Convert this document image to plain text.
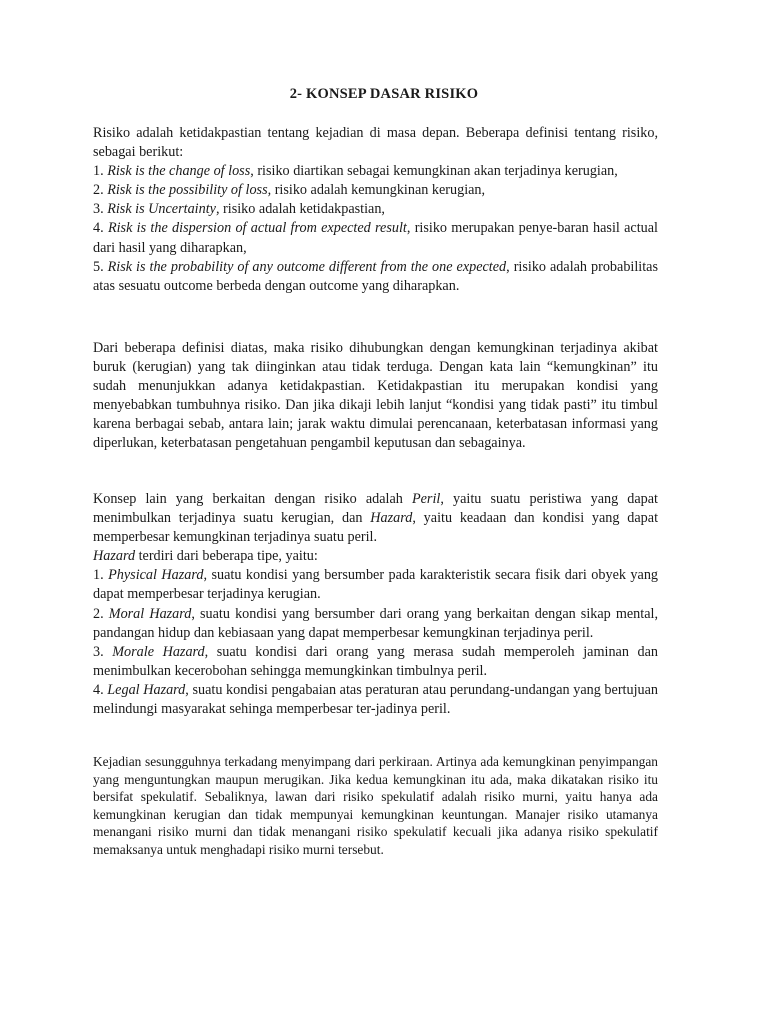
2- KONSEP DASAR RISIKO

Risiko adalah ketidakpastian tentang kejadian di masa depan. Beberapa definisi tentang risiko, sebagai berikut:

1. Risk is the change of loss, risiko diartikan sebagai kemungkinan akan terjadinya kerugian,

2. Risk is the possibility of loss, risiko adalah kemungkinan kerugian,

3. Risk is Uncertainty, risiko adalah ketidakpastian,

4. Risk is the dispersion of actual from expected result, risiko merupakan penye-baran hasil actual dari hasil yang diharapkan,

5. Risk is the probability of any outcome different from the one expected, risiko adalah probabilitas atas sesuatu outcome berbeda dengan outcome yang diharapkan.

Dari beberapa definisi diatas, maka risiko dihubungkan dengan kemungkinan terjadinya akibat buruk (kerugian) yang tak diinginkan atau tidak terduga. Dengan kata lain “kemungkinan” itu sudah menunjukkan adanya ketidakpastian. Ketidakpastian itu merupakan kondisi yang menyebabkan tumbuhnya risiko. Dan jika dikaji lebih lanjut “kondisi yang tidak pasti” itu timbul karena berbagai sebab, antara lain; jarak waktu dimulai perencanaan, keterbatasan informasi yang diperlukan, keterbatasan pengetahuan pengambil keputusan dan sebagainya.

Konsep lain yang berkaitan dengan risiko adalah Peril, yaitu suatu peristiwa yang dapat menimbulkan terjadinya suatu kerugian, dan Hazard, yaitu keadaan dan kondisi yang dapat memperbesar kemungkinan terjadinya suatu peril.

Hazard terdiri dari beberapa tipe, yaitu:

1. Physical Hazard, suatu kondisi yang bersumber pada karakteristik secara fisik dari obyek yang dapat memperbesar terjadinya kerugian.

2. Moral Hazard, suatu kondisi yang bersumber dari orang yang berkaitan dengan sikap mental, pandangan hidup dan kebiasaan yang dapat memperbesar kemungkinan terjadinya peril.

3. Morale Hazard, suatu kondisi dari orang yang merasa sudah memperoleh jaminan dan menimbulkan kecerobohan sehingga memungkinkan timbulnya peril.

4. Legal Hazard, suatu kondisi pengabaian atas peraturan atau perundang-undangan yang bertujuan melindungi masyarakat sehinga memperbesar ter-jadinya peril.

Kejadian sesungguhnya terkadang menyimpang dari perkiraan. Artinya ada kemungkinan penyimpangan yang menguntungkan maupun merugikan. Jika kedua kemungkinan itu ada, maka dikatakan risiko itu bersifat spekulatif. Sebaliknya, lawan dari risiko spekulatif adalah risiko murni, yaitu hanya ada kemungkinan kerugian dan tidak mempunyai kemungkinan keuntungan. Manajer risiko utamanya menangani risiko murni dan tidak menangani risiko spekulatif kecuali jika adanya risiko spekulatif memaksanya untuk menghadapi risiko murni tersebut.
